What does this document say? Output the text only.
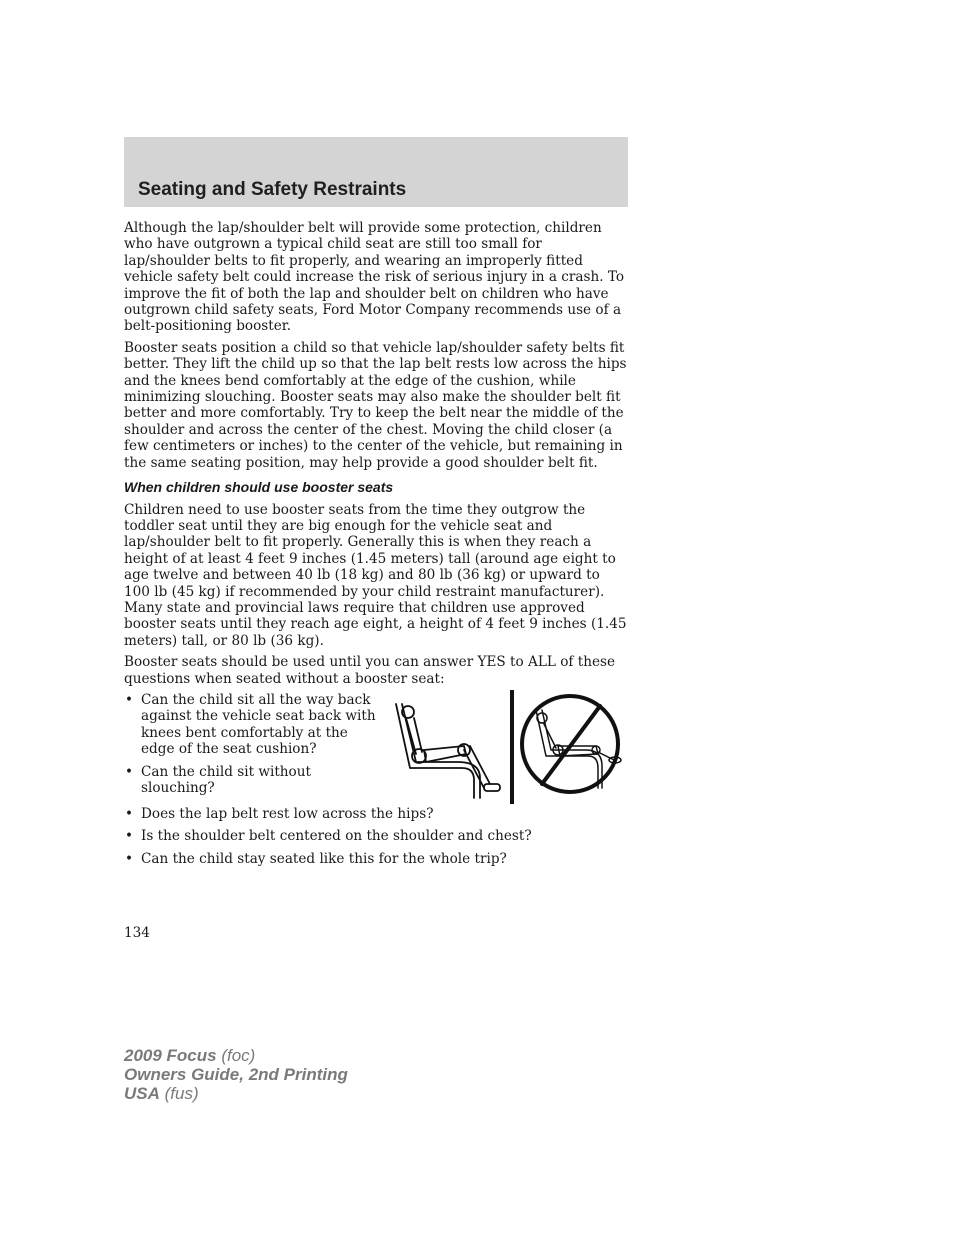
Seating and Safety Restraints

Although the lap/shoulder belt will provide some protection, children who have outgrown a typical child seat are still too small for lap/shoulder belts to fit properly, and wearing an improperly fitted vehicle safety belt could increase the risk of serious injury in a crash. To improve the fit of both the lap and shoulder belt on children who have outgrown child safety seats, Ford Motor Company recommends use of a belt-positioning booster.

Booster seats position a child so that vehicle lap/shoulder safety belts fit better. They lift the child up so that the lap belt rests low across the hips and the knees bend comfortably at the edge of the cushion, while minimizing slouching. Booster seats may also make the shoulder belt fit better and more comfortably. Try to keep the belt near the middle of the shoulder and across the center of the chest. Moving the child closer (a few centimeters or inches) to the center of the vehicle, but remaining in the same seating position, may help provide a good shoulder belt fit.

When children should use booster seats

Children need to use booster seats from the time they outgrow the toddler seat until they are big enough for the vehicle seat and lap/shoulder belt to fit properly. Generally this is when they reach a height of at least 4 feet 9 inches (1.45 meters) tall (around age eight to age twelve and between 40 lb (18 kg) and 80 lb (36 kg) or upward to 100 lb (45 kg) if recommended by your child restraint manufacturer). Many state and provincial laws require that children use approved booster seats until they reach age eight, a height of 4 feet 9 inches (1.45 meters) tall, or 80 lb (36 kg).

Booster seats should be used until you can answer YES to ALL of these questions when seated without a booster seat:

• Can the child sit all the way back against the vehicle seat back with knees bent comfortably at the edge of the seat cushion?
• Can the child sit without slouching?
• Does the lap belt rest low across the hips?
• Is the shoulder belt centered on the shoulder and chest?
• Can the child stay seated like this for the whole trip?
134
2009 Focus (foc)
Owners Guide, 2nd Printing
USA (fus)
